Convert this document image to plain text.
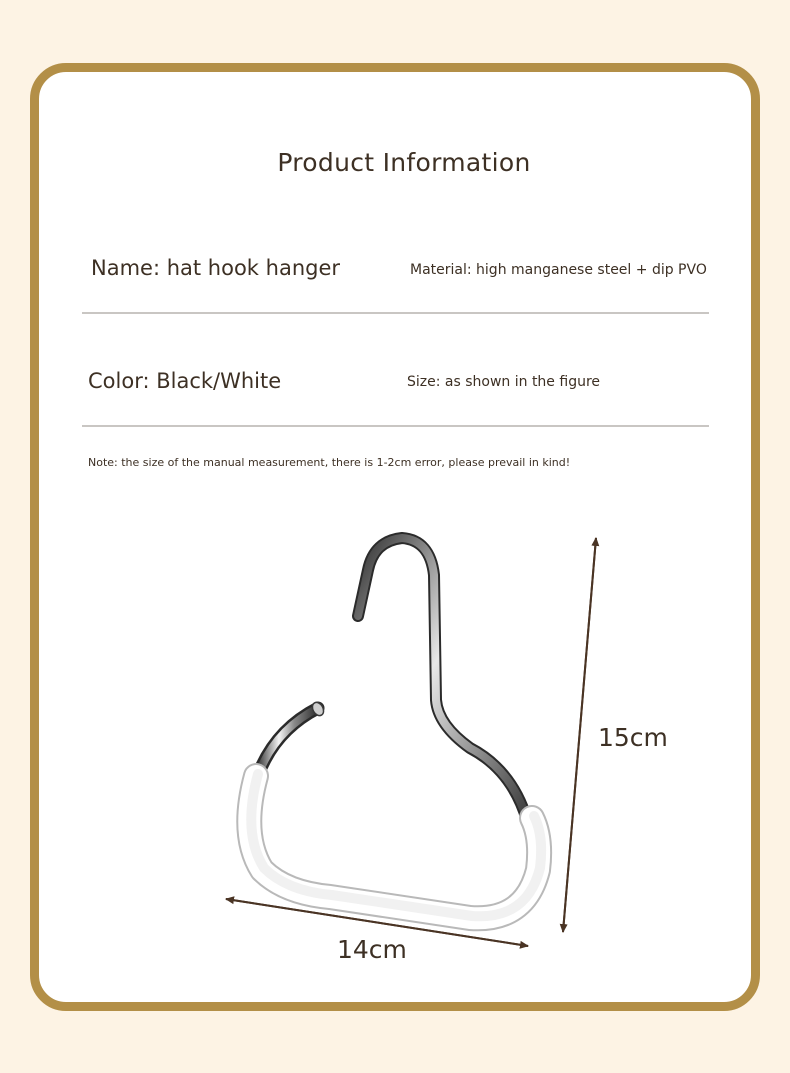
Product Information
Name: hat hook hanger	Material: high manganese steel + dip PVO
Color: Black/White	Size: as shown in the figure
Note: the size of the manual measurement, there is 1-2cm error, please prevail in kind!
15cm
14cm
